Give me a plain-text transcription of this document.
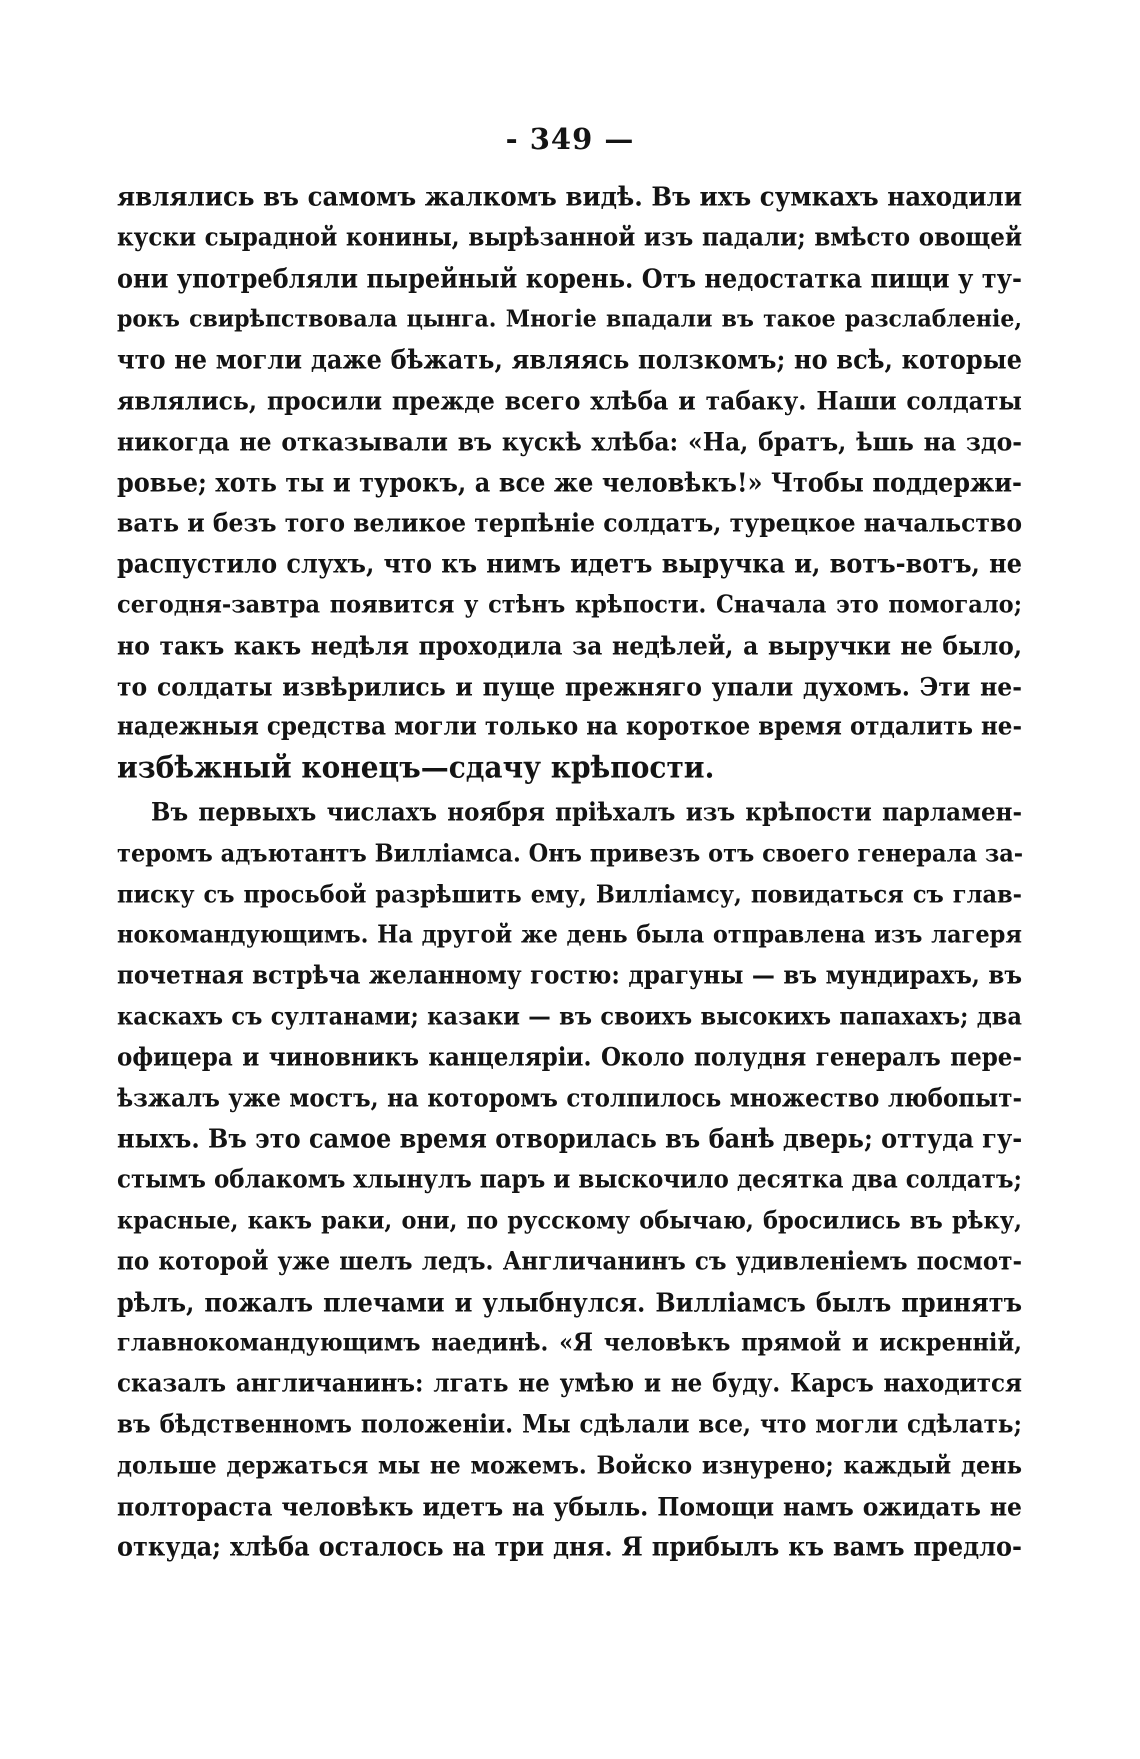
- 349 —
являлись въ самомъ жалкомъ видѣ. Въ ихъ сумкахъ находили
куски сырадной конины, вырѣзанной изъ падали; вмѣсто овощей
они употребляли пырейный корень. Отъ недостатка пищи у ту-
рокъ свирѣпствовала цынга. Многіе впадали въ такое разслабленіе,
что не могли даже бѣжать, являясь ползкомъ; но всѣ, которые
являлись, просили прежде всего хлѣба и табаку. Наши солдаты
никогда не отказывали въ кускѣ хлѣба: «На, братъ, ѣшь на здо-
ровье; хоть ты и турокъ, а все же человѣкъ!» Чтобы поддержи-
вать и безъ того великое терпѣніе солдатъ, турецкое начальство
распустило слухъ, что къ нимъ идетъ выручка и, вотъ-вотъ, не
сегодня-завтра появится у стѣнъ крѣпости. Сначала это помогало;
но такъ какъ недѣля проходила за недѣлей, а выручки не было,
то солдаты извѣрились и пуще прежняго упали духомъ. Эти не-
надежныя средства могли только на короткое время отдалить не-
избѣжный конецъ—сдачу крѣпости.
Въ первыхъ числахъ ноября пріѣхалъ изъ крѣпости парламен-
теромъ адъютантъ Вилліамса. Онъ привезъ отъ своего генерала за-
писку съ просьбой разрѣшить ему, Вилліамсу, повидаться съ глав-
нокомандующимъ. На другой же день была отправлена изъ лагеря
почетная встрѣча желанному гостю: драгуны — въ мундирахъ, въ
каскахъ съ султанами; казаки — въ своихъ высокихъ папахахъ; два
офицера и чиновникъ канцеляріи. Около полудня генералъ пере-
ѣзжалъ уже мостъ, на которомъ столпилось множество любопыт-
ныхъ. Въ это самое время отворилась въ банѣ дверь; оттуда гу-
стымъ облакомъ хлынулъ паръ и выскочило десятка два солдатъ;
красные, какъ раки, они, по русскому обычаю, бросились въ рѣку,
по которой уже шелъ ледъ. Англичанинъ съ удивленіемъ посмот-
рѣлъ, пожалъ плечами и улыбнулся. Вилліамсъ былъ принятъ
главнокомандующимъ наединѣ. «Я человѣкъ прямой и искренній,
сказалъ англичанинъ: лгать не умѣю и не буду. Карсъ находится
въ бѣдственномъ положеніи. Мы сдѣлали все, что могли сдѣлать;
дольше держаться мы не можемъ. Войско изнурено; каждый день
полтораста человѣкъ идетъ на убыль. Помощи намъ ожидать не
откуда; хлѣба осталось на три дня. Я прибылъ къ вамъ предло-
